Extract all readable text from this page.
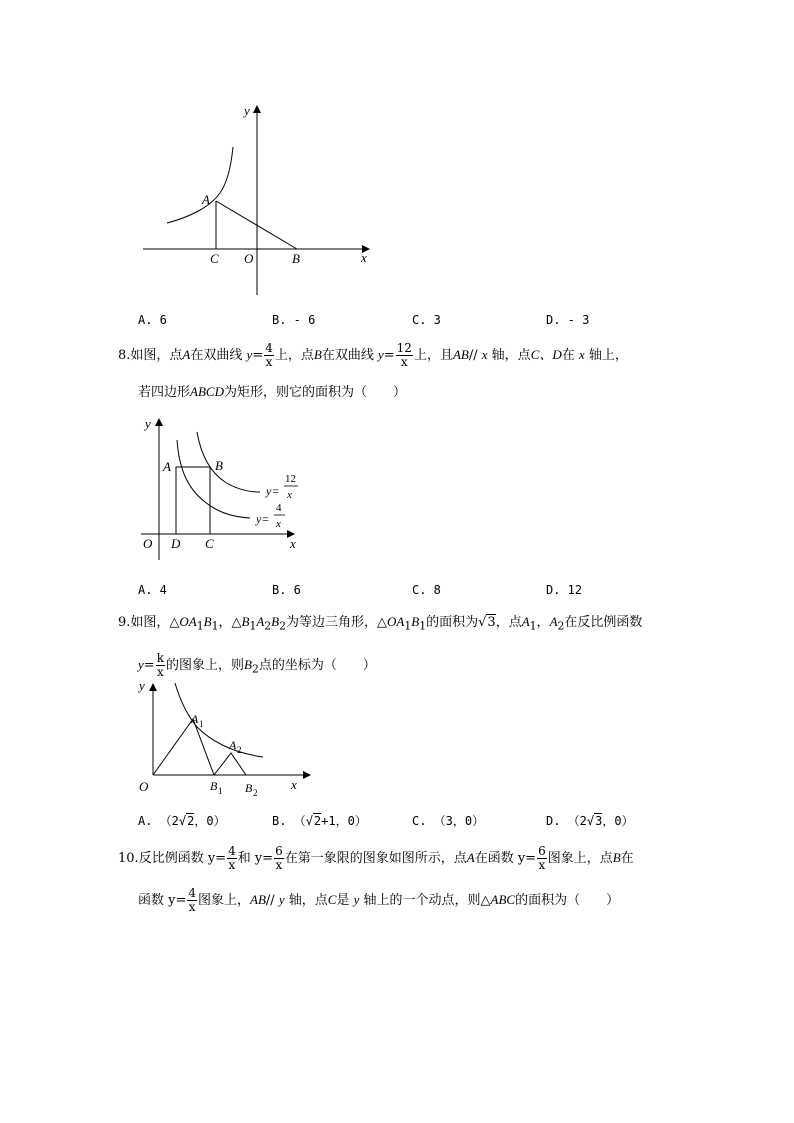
y
x
A
C O	B
A. 6	B. - 6	C. 3	D. - 3
8.如图，点A在双曲线 $y= \frac{4}{x}$ 上，点B在双曲线 $y= \frac{12}{x}$ 上，且AB// x 轴，点C、D在 x 轴上，
若四边形ABCD为矩形，则它的面积为（　　）
y
A	B
O D C	x
y=
12
x
y=
4
x
A. 4	B. 6	C. 8	D. 12
9.如图，$\triangle OA_1B_1$，$\triangle B_1A_2B_2$为等边三角形，$\triangle OA_1B_1$的面积为√3，点$A_1$，$A_2$在反比例函数
$y= \frac{k}{x}$ 的图象上，则$B_2$点的坐标为（　　）
y
A 1
A 2
O	B 1 B 2
x
A. （2√2，0）	B. （√2+1，0）	C. （3，0）	D. （2√3，0）
10.反比例函数 $y= \frac{4}{x}$ 和 $y= \frac{6}{x}$ 在第一象限的图象如图所示，点A在函数 $y= \frac{6}{x}$ 图象上，点B在
函数 $y= \frac{4}{x}$ 图象上，AB// y 轴，点C是 y 轴上的一个动点，则△ABC的面积为（　　）
